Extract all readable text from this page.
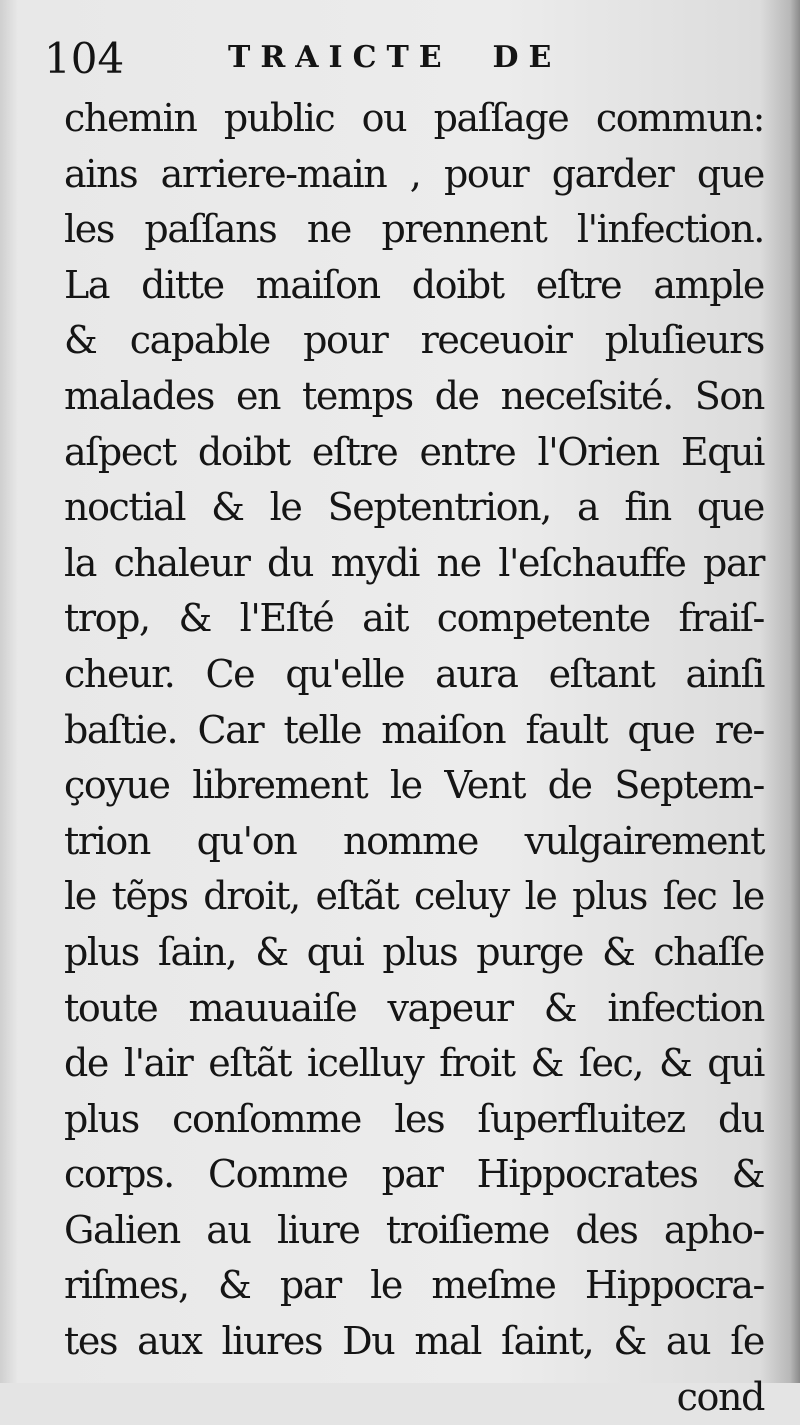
104	TRAICTE  DE
chemin public ou paſſage commun:
ains arriere-main , pour garder que
les paſſans ne prennent l'infection.
La ditte maiſon doibt eſtre ample
& capable pour receuoir pluſieurs
malades en temps de neceſsité. Son
aſpect doibt eſtre entre l'Orien Equi
noctial & le Septentrion, a fin que
la chaleur du mydi ne l'eſchauffe par
trop, & l'Eſté ait competente fraiſ-
cheur. Ce qu'elle aura eſtant ainſi
baſtie. Car telle maiſon fault que re-
çoyue librement le Vent de Septem-
trion qu'on nomme vulgairement
le tẽps droit, eſtãt celuy le plus ſec le
plus ſain, & qui plus purge & chaſſe
toute mauuaiſe vapeur & infection
de l'air eſtãt icelluy froit & ſec, & qui
plus conſomme les ſuperfluitez du
corps. Comme par Hippocrates &
Galien au liure troiſieme des apho-
riſmes, & par le meſme Hippocra-
tes aux liures Du mal ſaint, & au ſe
cond
